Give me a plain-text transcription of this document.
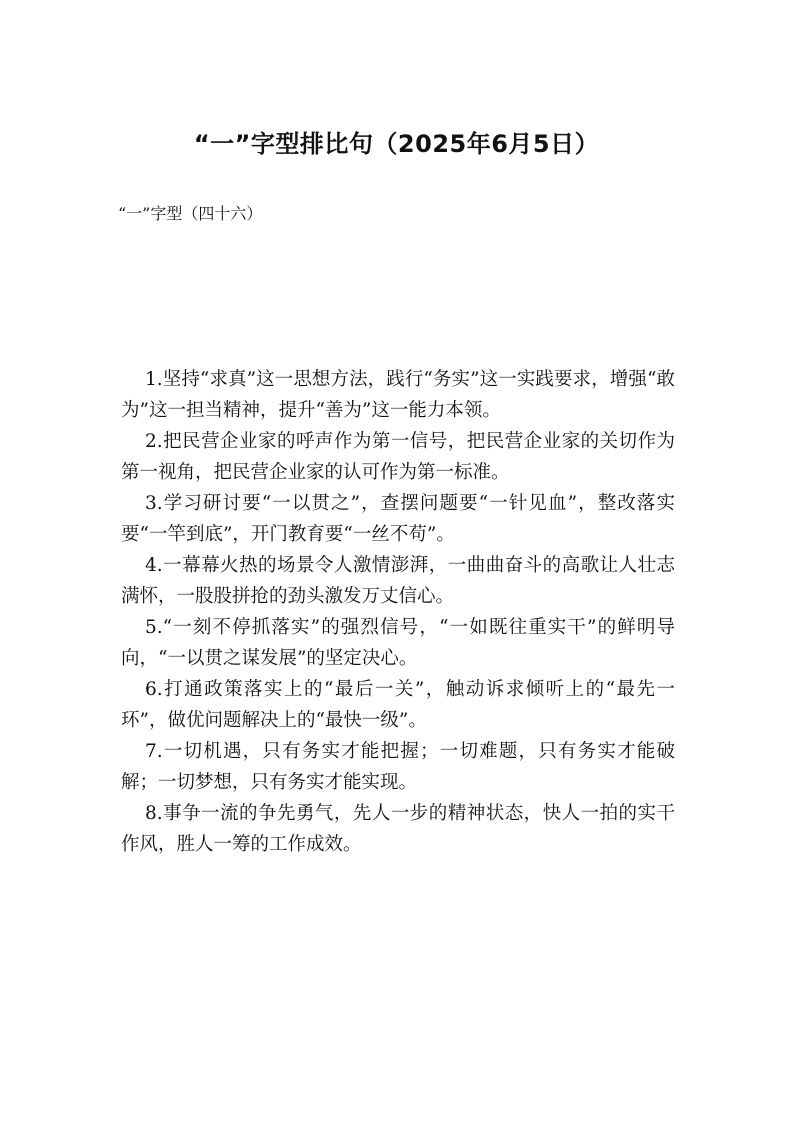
“一”字型排比句（2025年6月5日）
“一”字型（四十六）

1.坚持“求真”这一思想方法，践行“务实”这一实践要求，增强“敢为”这一担当精神，提升“善为”这一能力本领。

2.把民营企业家的呼声作为第一信号，把民营企业家的关切作为第一视角，把民营企业家的认可作为第一标准。

3.学习研讨要“一以贯之”，查摆问题要“一针见血”，整改落实要“一竿到底”，开门教育要“一丝不苟”。

4.一幕幕火热的场景令人激情澎湃，一曲曲奋斗的高歌让人壮志满怀，一股股拼抢的劲头激发万丈信心。

5.“一刻不停抓落实”的强烈信号，“一如既往重实干”的鲜明导向，“一以贯之谋发展”的坚定决心。

6.打通政策落实上的“最后一关”，触动诉求倾听上的“最先一环”，做优问题解决上的“最快一级”。

7.一切机遇，只有务实才能把握；一切难题，只有务实才能破解；一切梦想，只有务实才能实现。

8.事争一流的争先勇气，先人一步的精神状态，快人一拍的实干作风，胜人一筹的工作成效。
